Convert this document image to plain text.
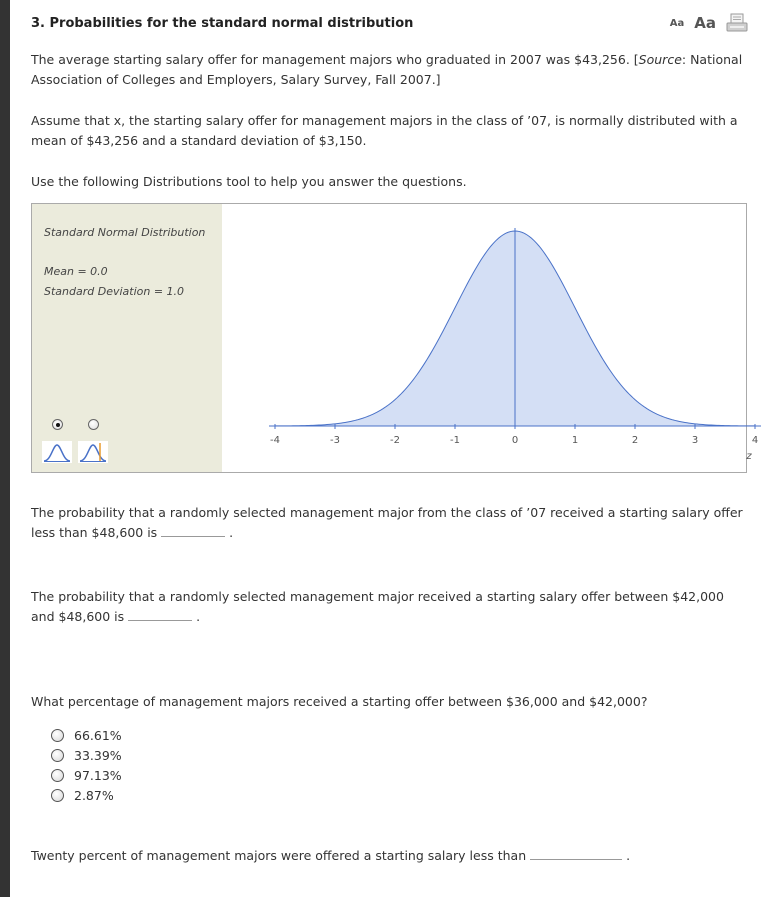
3. Probabilities for the standard normal distribution	Aa Aa

The average starting salary offer for management majors who graduated in 2007 was $43,256. [Source: National Association of Colleges and Employers, Salary Survey, Fall 2007.]

Assume that x, the starting salary offer for management majors in the class of ’07, is normally distributed with a mean of $43,256 and a standard deviation of $3,150.

Use the following Distributions tool to help you answer the questions.

Standard Normal Distribution
Mean = 0.0
Standard Deviation = 1.0
-4	-3	-2	-1	0	1	2	3	4
z

The probability that a randomly selected management major from the class of ’07 received a starting salary offer less than $48,600 is	.

The probability that a randomly selected management major received a starting salary offer between $42,000 and $48,600 is	.

What percentage of management majors received a starting offer between $36,000 and $42,000?

66.61%
33.39%
97.13%
2.87%

Twenty percent of management majors were offered a starting salary less than	.
